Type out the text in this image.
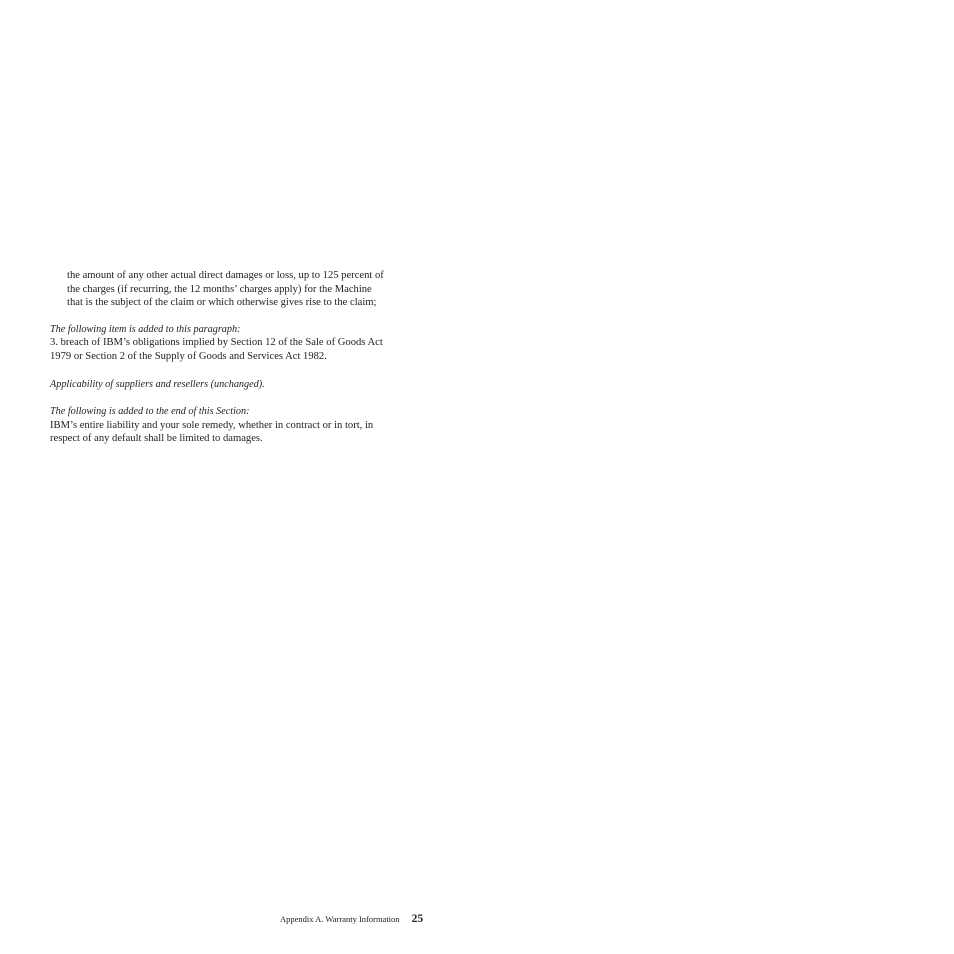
the amount of any other actual direct damages or loss, up to 125 percent of
the charges (if recurring, the 12 months’ charges apply) for the Machine
that is the subject of the claim or which otherwise gives rise to the claim;

The following item is added to this paragraph:
3. breach of IBM’s obligations implied by Section 12 of the Sale of Goods Act
1979 or Section 2 of the Supply of Goods and Services Act 1982.

Applicability of suppliers and resellers (unchanged).

The following is added to the end of this Section:
IBM’s entire liability and your sole remedy, whether in contract or in tort, in
respect of any default shall be limited to damages.

Appendix A. Warranty Information 25
